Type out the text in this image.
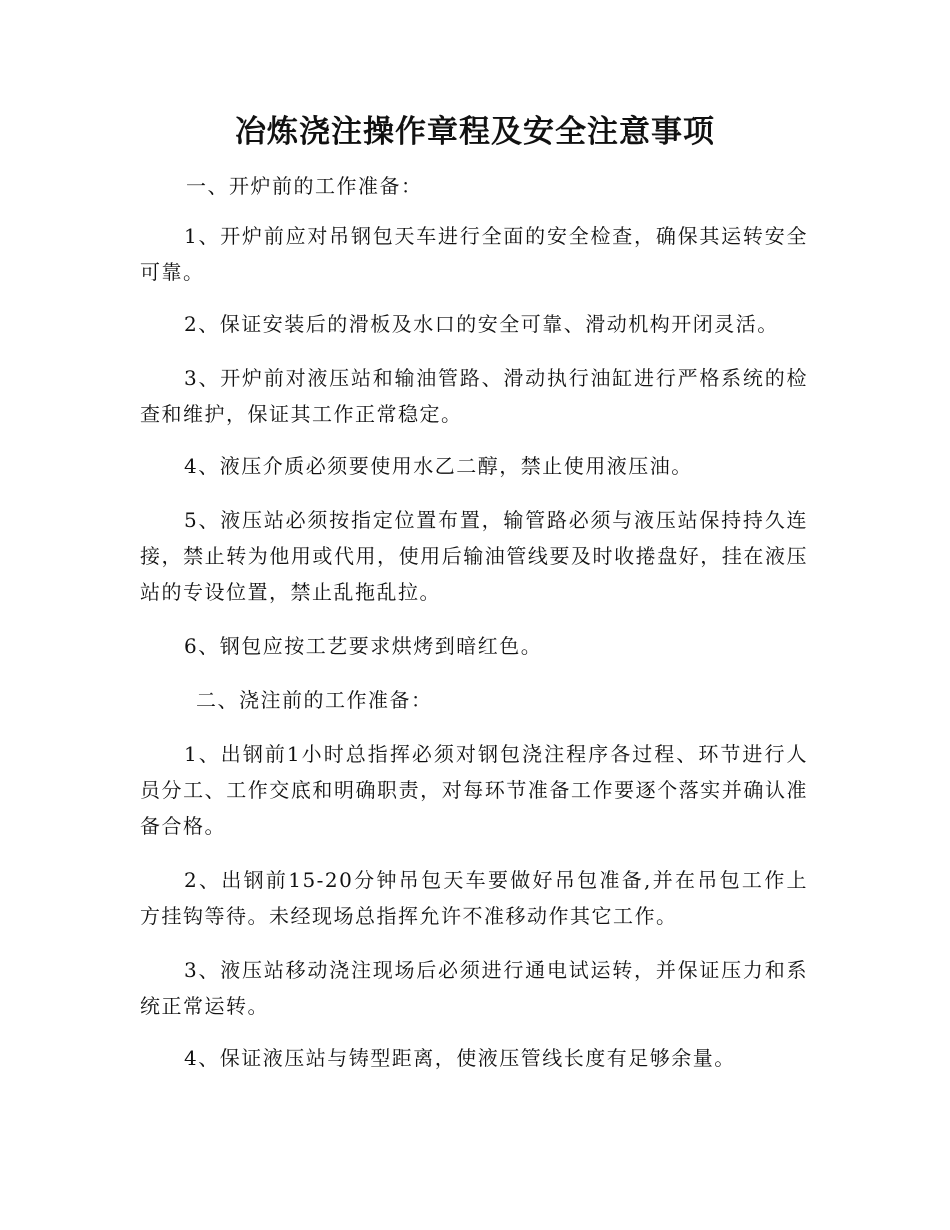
冶炼浇注操作章程及安全注意事项

一、开炉前的工作准备：

1、开炉前应对吊钢包天车进行全面的安全检查，确保其运转安全可靠。

2、保证安装后的滑板及水口的安全可靠、滑动机构开闭灵活。

3、开炉前对液压站和输油管路、滑动执行油缸进行严格系统的检查和维护，保证其工作正常稳定。

4、液压介质必须要使用水乙二醇，禁止使用液压油。

5、液压站必须按指定位置布置，输管路必须与液压站保持持久连接，禁止转为他用或代用，使用后输油管线要及时收捲盘好，挂在液压站的专设位置，禁止乱拖乱拉。

6、钢包应按工艺要求烘烤到暗红色。

二、浇注前的工作准备：

1、出钢前1小时总指挥必须对钢包浇注程序各过程、环节进行人员分工、工作交底和明确职责，对每环节准备工作要逐个落实并确认准备合格。

2、出钢前15-20分钟吊包天车要做好吊包准备,并在吊包工作上方挂钩等待。未经现场总指挥允许不准移动作其它工作。

3、液压站移动浇注现场后必须进行通电试运转，并保证压力和系统正常运转。

4、保证液压站与铸型距离，使液压管线长度有足够余量。
